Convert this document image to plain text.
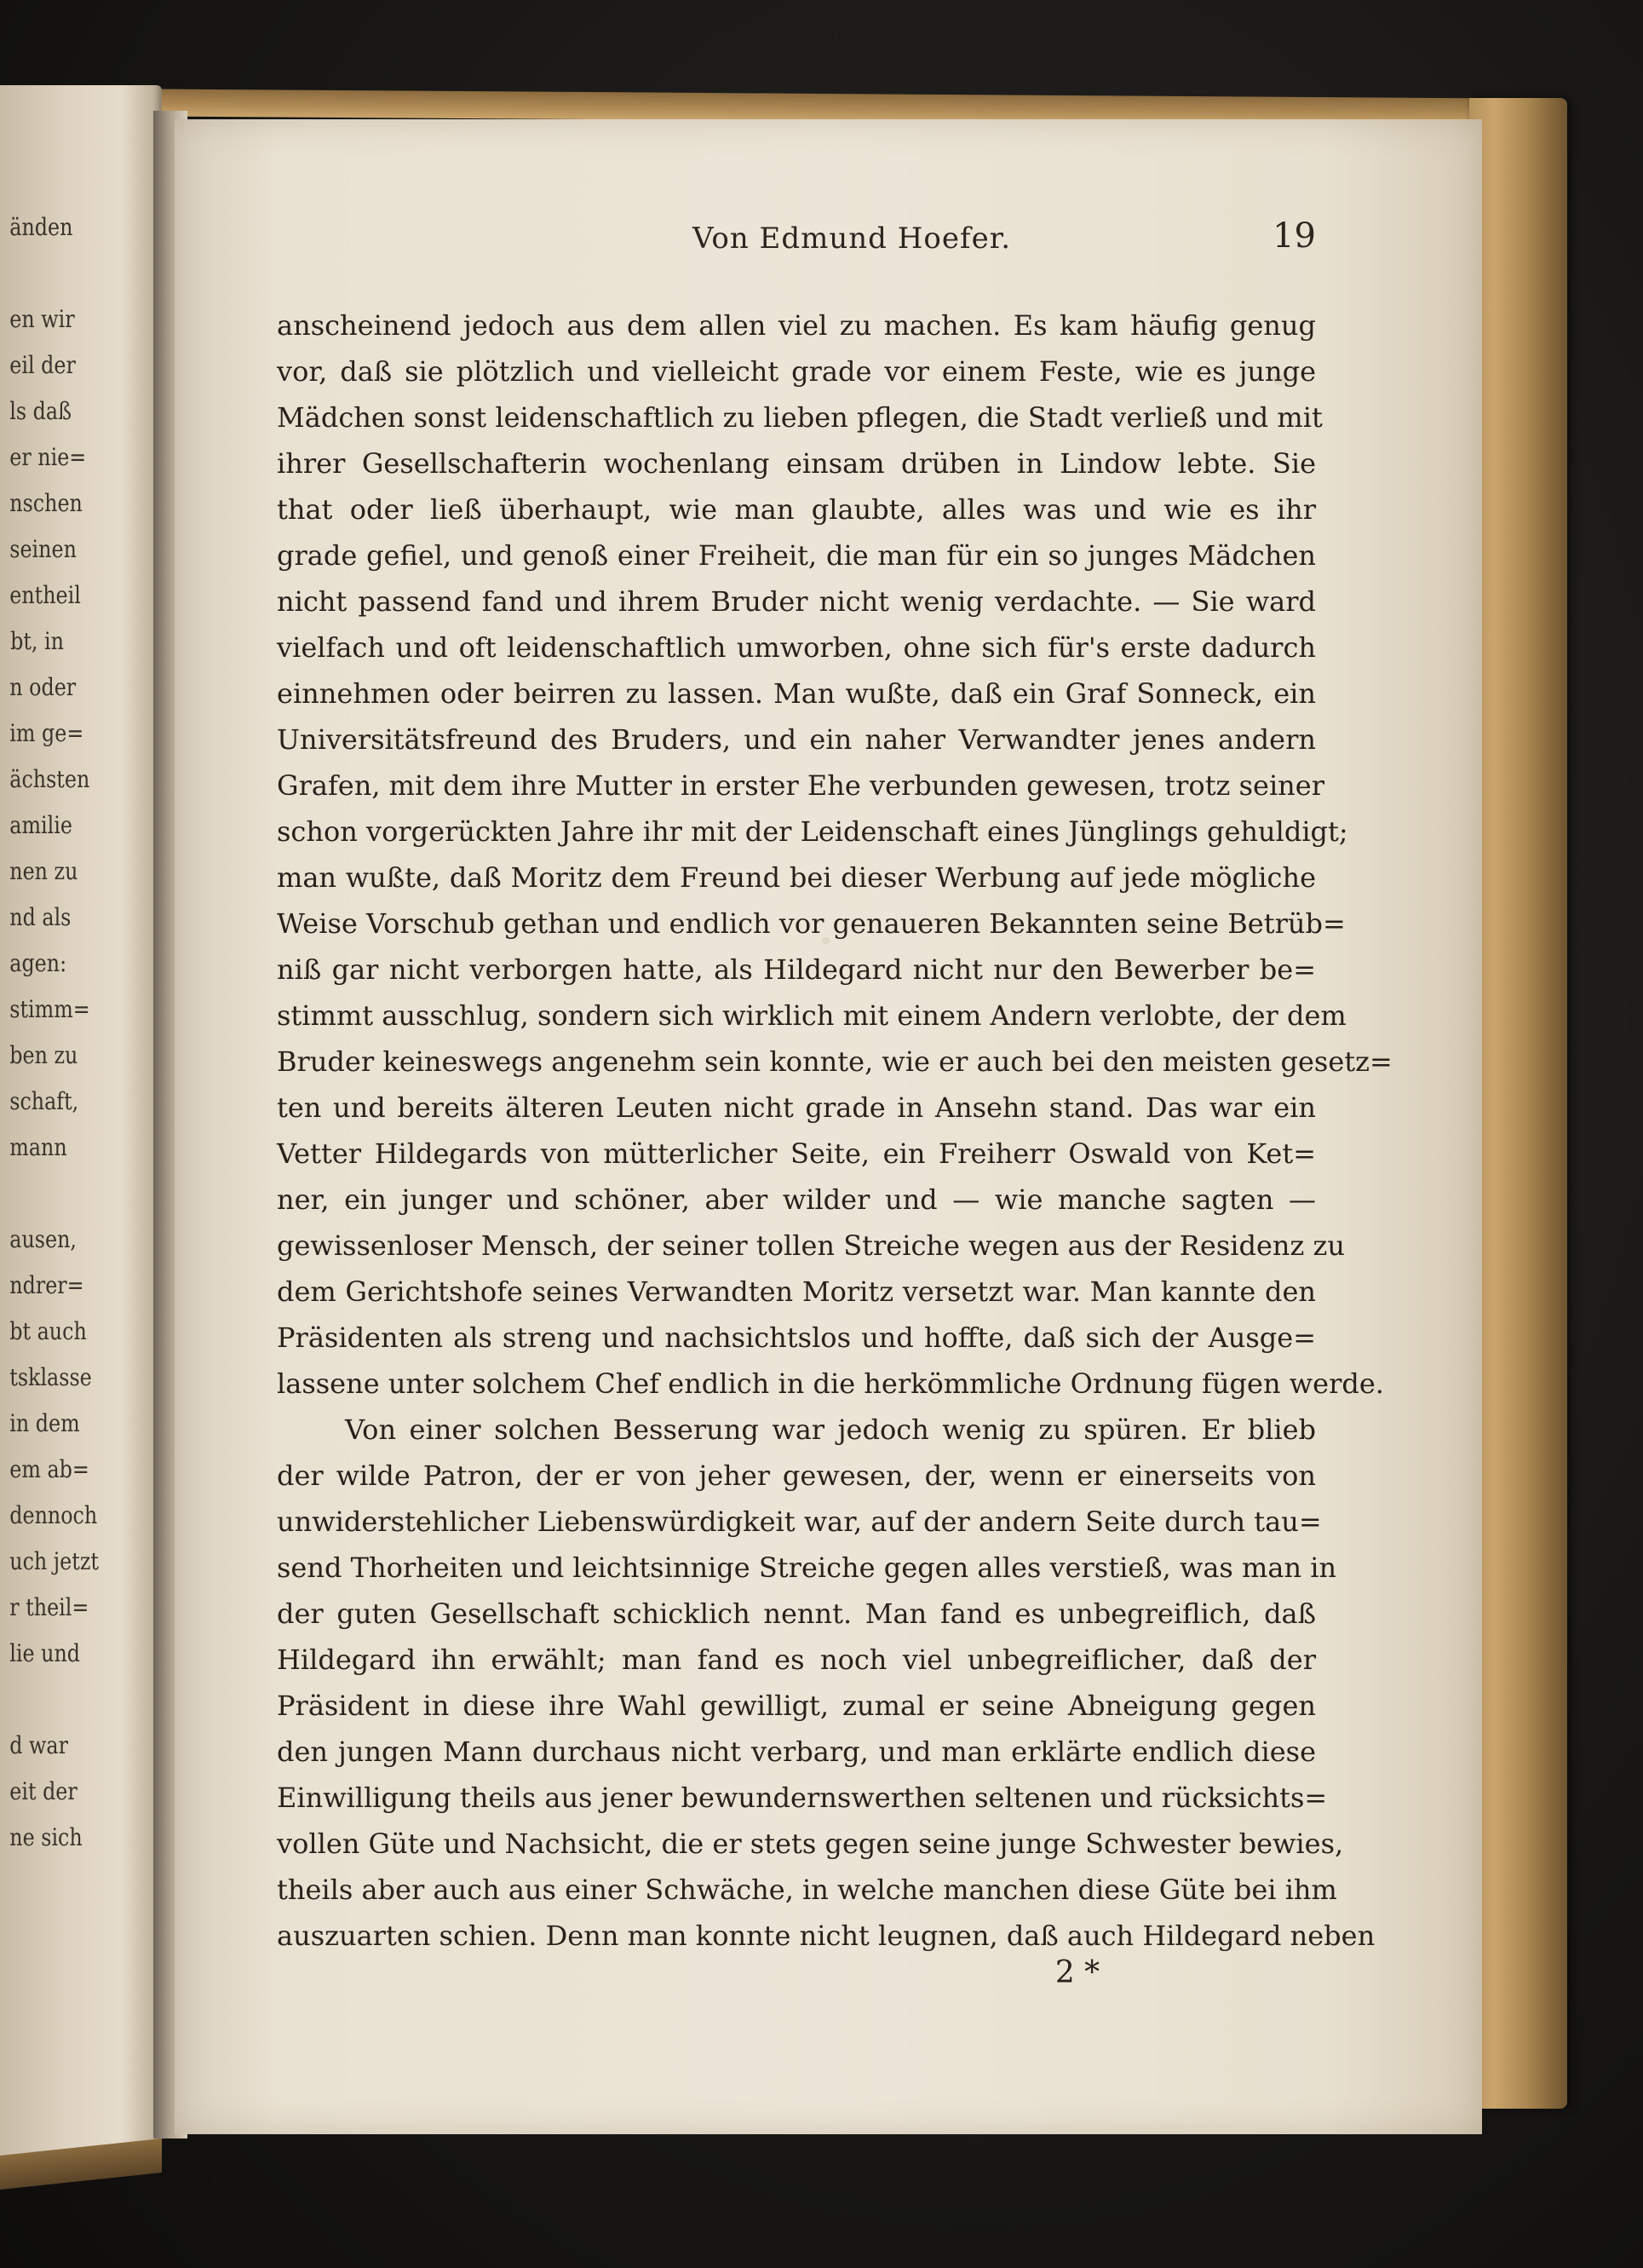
änden
en wir
eil der
ls daß
er nie=
nschen
seinen
entheil
bt, in
n oder
im ge=
ächsten
amilie
nen zu
nd als
agen:
stimm=
ben zu
schaft,
mann
ausen,
ndrer=
bt auch
tsklasse
in dem
em ab=
dennoch
uch jetzt
r theil=
lie und
d war
eit der
ne sich
Von Edmund Hoefer.	19
anscheinend jedoch aus dem allen viel zu machen. Es kam häufig genug
vor, daß sie plötzlich und vielleicht grade vor einem Feste, wie es junge
Mädchen sonst leidenschaftlich zu lieben pflegen, die Stadt verließ und mit
ihrer Gesellschafterin wochenlang einsam drüben in Lindow lebte. Sie
that oder ließ überhaupt, wie man glaubte, alles was und wie es ihr
grade gefiel, und genoß einer Freiheit, die man für ein so junges Mädchen
nicht passend fand und ihrem Bruder nicht wenig verdachte. — Sie ward
vielfach und oft leidenschaftlich umworben, ohne sich für's erste dadurch
einnehmen oder beirren zu lassen. Man wußte, daß ein Graf Sonneck, ein
Universitätsfreund des Bruders, und ein naher Verwandter jenes andern
Grafen, mit dem ihre Mutter in erster Ehe verbunden gewesen, trotz seiner
schon vorgerückten Jahre ihr mit der Leidenschaft eines Jünglings gehuldigt;
man wußte, daß Moritz dem Freund bei dieser Werbung auf jede mögliche
Weise Vorschub gethan und endlich vor genaueren Bekannten seine Betrüb=
niß gar nicht verborgen hatte, als Hildegard nicht nur den Bewerber be=
stimmt ausschlug, sondern sich wirklich mit einem Andern verlobte, der dem
Bruder keineswegs angenehm sein konnte, wie er auch bei den meisten gesetz=
ten und bereits älteren Leuten nicht grade in Ansehn stand. Das war ein
Vetter Hildegards von mütterlicher Seite, ein Freiherr Oswald von Ket=
ner, ein junger und schöner, aber wilder und — wie manche sagten —
gewissenloser Mensch, der seiner tollen Streiche wegen aus der Residenz zu
dem Gerichtshofe seines Verwandten Moritz versetzt war. Man kannte den
Präsidenten als streng und nachsichtslos und hoffte, daß sich der Ausge=
lassene unter solchem Chef endlich in die herkömmliche Ordnung fügen werde.
Von einer solchen Besserung war jedoch wenig zu spüren. Er blieb
der wilde Patron, der er von jeher gewesen, der, wenn er einerseits von
unwiderstehlicher Liebenswürdigkeit war, auf der andern Seite durch tau=
send Thorheiten und leichtsinnige Streiche gegen alles verstieß, was man in
der guten Gesellschaft schicklich nennt. Man fand es unbegreiflich, daß
Hildegard ihn erwählt; man fand es noch viel unbegreiflicher, daß der
Präsident in diese ihre Wahl gewilligt, zumal er seine Abneigung gegen
den jungen Mann durchaus nicht verbarg, und man erklärte endlich diese
Einwilligung theils aus jener bewundernswerthen seltenen und rücksichts=
vollen Güte und Nachsicht, die er stets gegen seine junge Schwester bewies,
theils aber auch aus einer Schwäche, in welche manchen diese Güte bei ihm
auszuarten schien. Denn man konnte nicht leugnen, daß auch Hildegard neben
2 *
